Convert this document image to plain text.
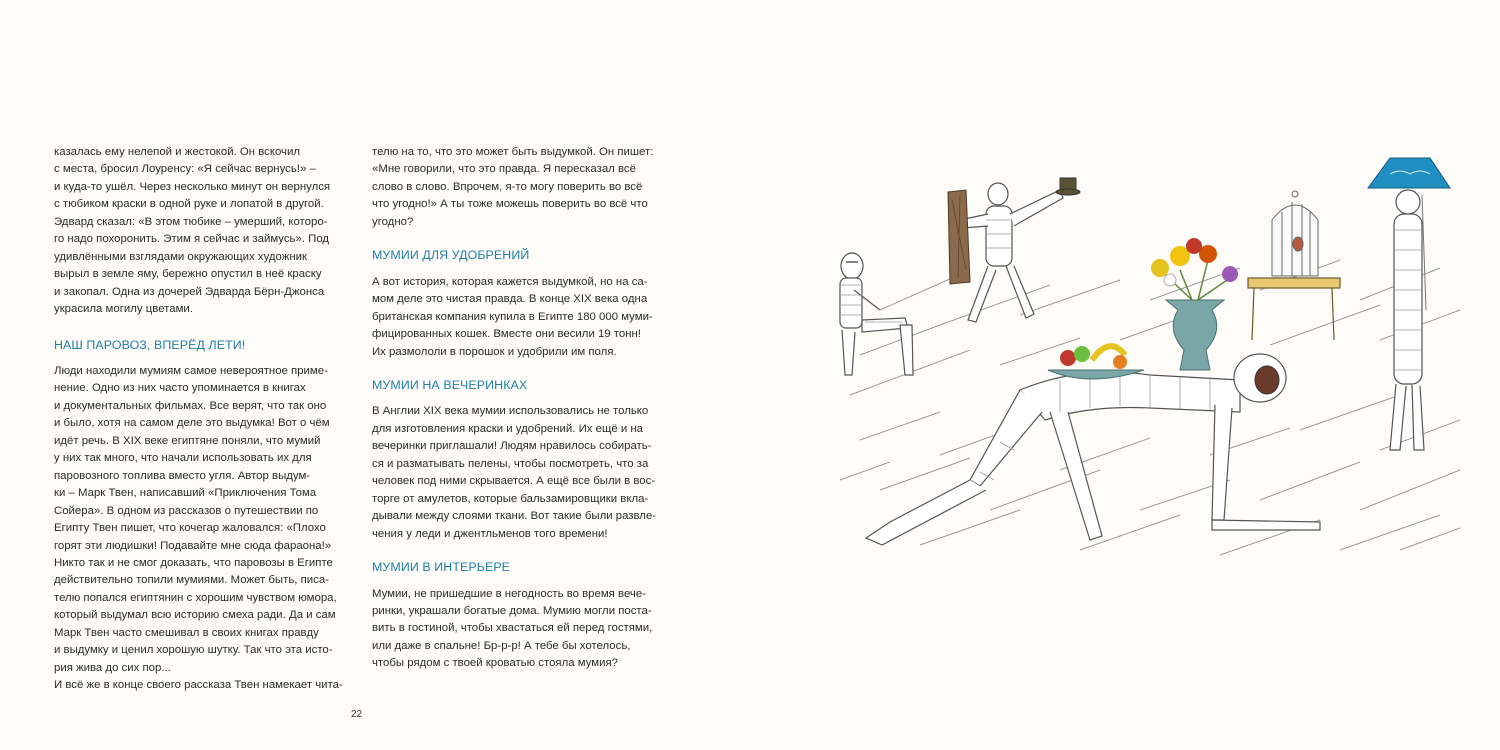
казалась ему нелепой и жестокой. Он вскочил

с места, бросил Лоуренсу: «Я сейчас вернусь!» –

и куда-то ушёл. Через несколько минут он вернулся

с тюбиком краски в одной руке и лопатой в другой.

Эдвард сказал: «В этом тюбике – умерший, которо-

го надо похоронить. Этим я сейчас и займусь». Под

удивлёнными взглядами окружающих художник

вырыл в земле яму, бережно опустил в неё краску

и закопал. Одна из дочерей Эдварда Бёрн-Джонса

украсила могилу цветами.

НАШ ПАРОВОЗ, ВПЕРЁД ЛЕТИ!

Люди находили мумиям самое невероятное приме-

нение. Одно из них часто упоминается в книгах

и документальных фильмах. Все верят, что так оно

и было, хотя на самом деле это выдумка! Вот о чём

идёт речь. В XIX веке египтяне поняли, что мумий

у них так много, что начали использовать их для

паровозного топлива вместо угля. Автор выдум-

ки – Марк Твен, написавший «Приключения Тома

Сойера». В одном из рассказов о путешествии по

Египту Твен пишет, что кочегар жаловался: «Плохо

горят эти людишки! Подавайте мне сюда фараона!»

Никто так и не смог доказать, что паровозы в Египте

действительно топили мумиями. Может быть, писа-

телю попался египтянин с хорошим чувством юмора,

который выдумал всю историю смеха ради. Да и сам

Марк Твен часто смешивал в своих книгах правду

и выдумку и ценил хорошую шутку. Так что эта исто-

рия жива до сих пор...

И всё же в конце своего рассказа Твен намекает чита-

телю на то, что это может быть выдумкой. Он пишет:

«Мне говорили, что это правда. Я пересказал всё

слово в слово. Впрочем, я-то могу поверить во всё

что угодно!» А ты тоже можешь поверить во всё что

угодно?

МУМИИ ДЛЯ УДОБРЕНИЙ

А вот история, которая кажется выдумкой, но на са-

мом деле это чистая правда. В конце XIX века одна

британская компания купила в Египте 180 000 муми-

фицированных кошек. Вместе они весили 19 тонн!

Их размололи в порошок и удобрили им поля.

МУМИИ НА ВЕЧЕРИНКАХ

В Англии XIX века мумии использовались не только

для изготовления краски и удобрений. Их ещё и на

вечеринки приглашали! Людям нравилось собирать-

ся и разматывать пелены, чтобы посмотреть, что за

человек под ними скрывается. А ещё все были в вос-

торге от амулетов, которые бальзамировщики вкла-

дывали между слоями ткани. Вот такие были развле-

чения у леди и джентльменов того времени!

МУМИИ В ИНТЕРЬЕРЕ

Мумии, не пришедшие в негодность во время вече-

ринки, украшали богатые дома. Мумию могли поста-

вить в гостиной, чтобы хвастаться ей перед гостями,

или даже в спальне! Бр-р-р! А тебе бы хотелось,

чтобы рядом с твоей кроватью стояла мумия?

22
